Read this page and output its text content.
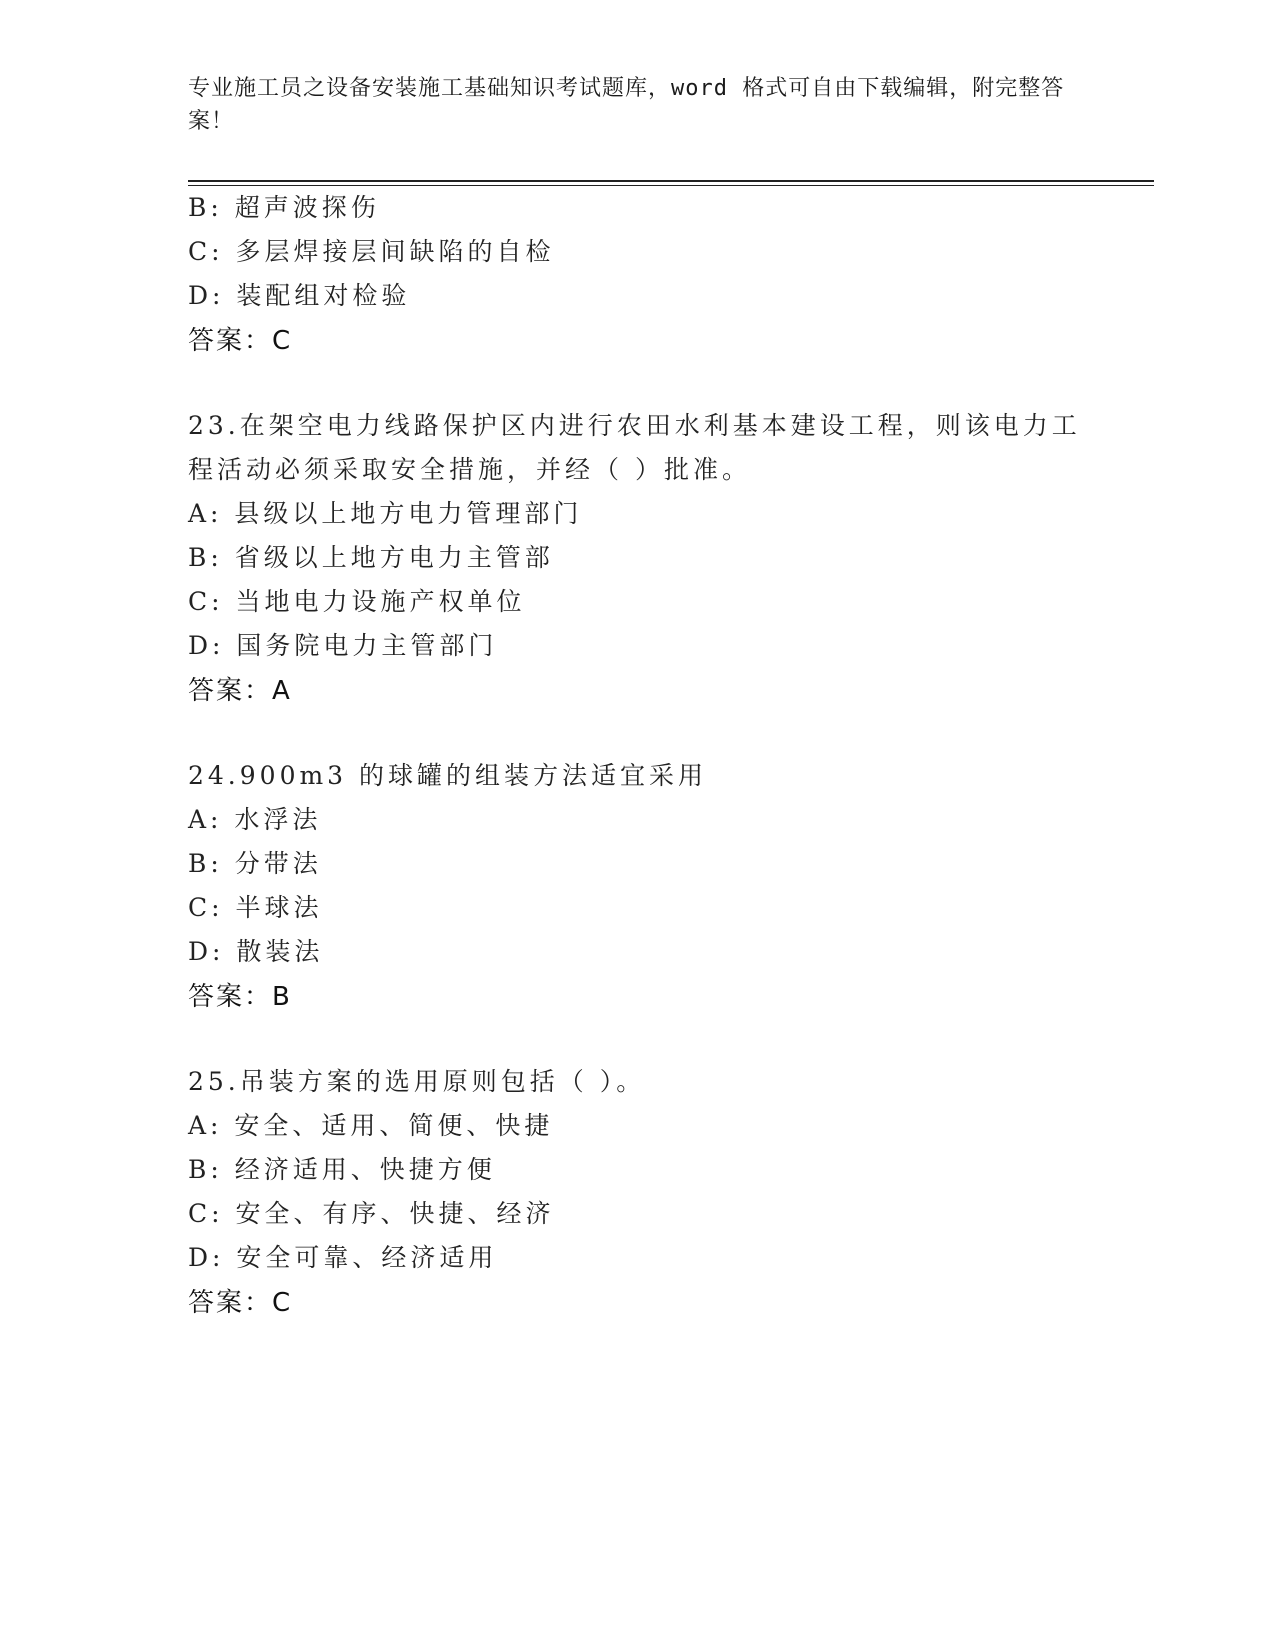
专业施工员之设备安装施工基础知识考试题库，word 格式可自由下载编辑，附完整答案！
B: 超声波探伤
C: 多层焊接层间缺陷的自检
D: 装配组对检验
答案：C
23.在架空电力线路保护区内进行农田水利基本建设工程，则该电力工
程活动必须采取安全措施，并经（ ）批准。
A: 县级以上地方电力管理部门
B: 省级以上地方电力主管部
C: 当地电力设施产权单位
D: 国务院电力主管部门
答案：A
24.900m3 的球罐的组装方法适宜采用
A: 水浮法
B: 分带法
C: 半球法
D: 散装法
答案：B
25.吊装方案的选用原则包括（ ）。
A: 安全、适用、简便、快捷
B: 经济适用、快捷方便
C: 安全、有序、快捷、经济
D: 安全可靠、经济适用
答案：C
